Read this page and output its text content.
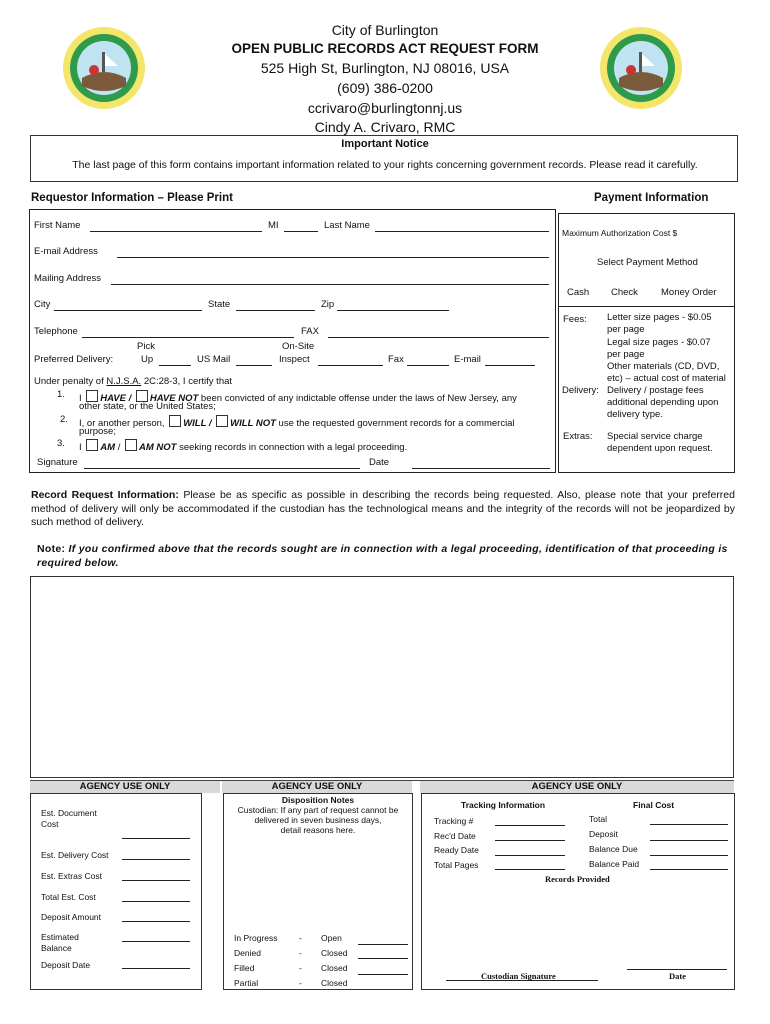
City of Burlington
OPEN PUBLIC RECORDS ACT REQUEST FORM
525 High St, Burlington, NJ 08016, USA
(609) 386-0200
ccrivaro@burlingtonnj.us
Cindy A. Crivaro, RMC
Important Notice
The last page of this form contains important information related to your rights concerning government records. Please read it carefully.
Requestor Information – Please Print	Payment Information
First Name	MI	Last Name
E-mail Address
Mailing Address
City	State	Zip
Telephone	FAX
Pick	On-Site
Preferred Delivery:	Up	US Mail	Inspect	Fax	E-mail
Under penalty of N.J.S.A. 2C:28-3, I certify that
1. I HAVE / HAVE NOT been convicted of any indictable offense under the laws of New Jersey, any
other state, or the United States;
2. I, or another person, WILL / WILL NOT use the requested government records for a commercial
purpose;
3. I AM / AM NOT seeking records in connection with a legal proceeding.
Signature	Date
Maximum Authorization Cost $
Select Payment Method
Cash Check Money Order
Fees: Letter size pages - $0.05
per page
Legal size pages - $0.07
per page
Other materials (CD, DVD,
etc) – actual cost of material
Delivery: Delivery / postage fees
additional depending upon
delivery type.
Extras: Special service charge
dependent upon request.
Record Request Information: Please be as specific as possible in describing the records being requested. Also, please note that your preferred method of delivery will only be accommodated if the custodian has the technological means and the integrity of the records will not be jeopardized by such method of delivery.
Note: If you confirmed above that the records sought are in connection with a legal proceeding, identification of that proceeding is required below.
AGENCY USE ONLY	AGENCY USE ONLY	AGENCY USE ONLY
Est. Document
Cost
Est. Delivery Cost
Est. Extras Cost
Total Est. Cost
Deposit Amount
Estimated
Balance
Deposit Date
Disposition Notes
Custodian: If any part of request cannot be
delivered in seven business days,
detail reasons here.
In Progress	- Open
Denied	- Closed
Filled	- Closed
Partial	- Closed
Tracking Information	Final Cost
Tracking #
Rec'd Date
Ready Date
Total Pages
Total
Deposit
Balance Due
Balance Paid
Records Provided
Custodian Signature	Date
